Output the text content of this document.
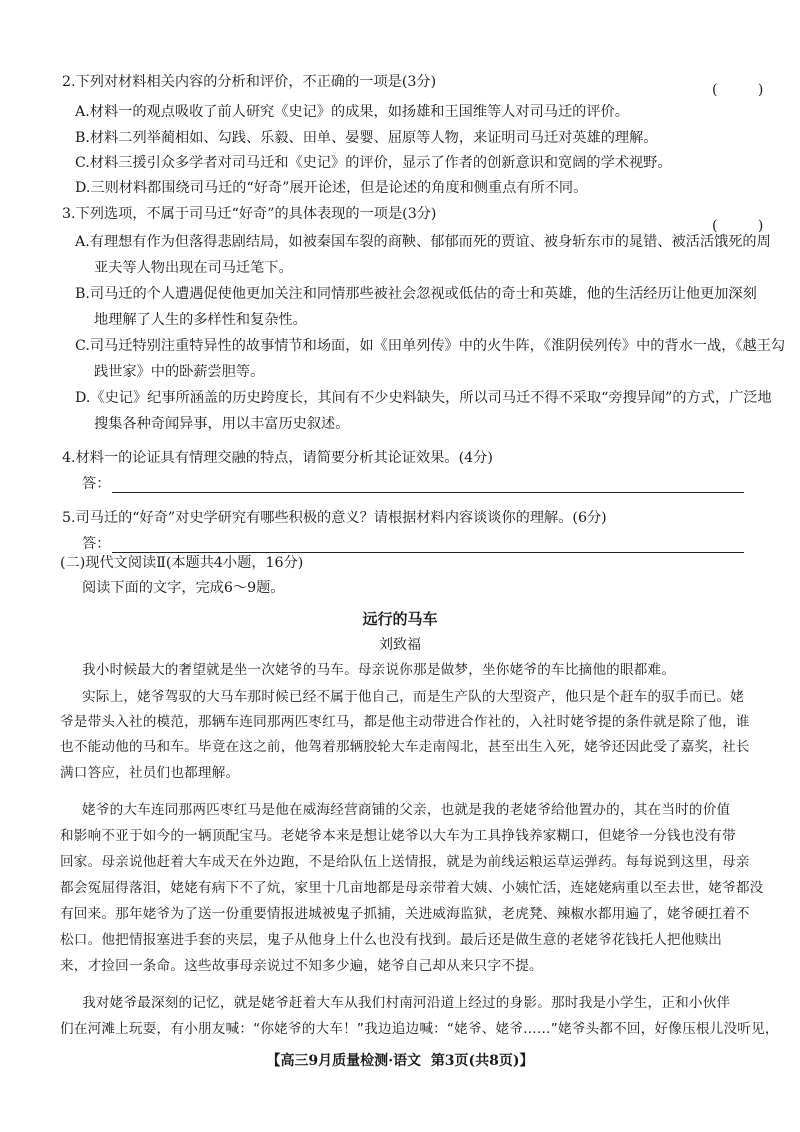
2.下列对材料相关内容的分析和评价，不正确的一项是(3分)	( )
A.材料一的观点吸收了前人研究《史记》的成果，如扬雄和王国维等人对司马迁的评价。
B.材料二列举蔺相如、勾践、乐毅、田单、晏婴、屈原等人物，来证明司马迁对英雄的理解。
C.材料三援引众多学者对司马迁和《史记》的评价，显示了作者的创新意识和宽阔的学术视野。
D.三则材料都围绕司马迁的“好奇”展开论述，但是论述的角度和侧重点有所不同。
3.下列选项，不属于司马迁“好奇”的具体表现的一项是(3分)
( )
A.有理想有作为但落得悲剧结局，如被秦国车裂的商鞅、郁郁而死的贾谊、被身斩东市的晁错、被活活饿死的周
亚夫等人物出现在司马迁笔下。
B.司马迁的个人遭遇促使他更加关注和同情那些被社会忽视或低估的奇士和英雄，他的生活经历让他更加深刻
地理解了人生的多样性和复杂性。
C.司马迁特别注重特异性的故事情节和场面，如《田单列传》中的火牛阵，《淮阴侯列传》中的背水一战，《越王勾
践世家》中的卧薪尝胆等。
D.《史记》纪事所涵盖的历史跨度长，其间有不少史料缺失，所以司马迁不得不采取“旁搜异闻”的方式，广泛地
搜集各种奇闻异事，用以丰富历史叙述。
4.材料一的论证具有情理交融的特点，请简要分析其论证效果。(4分)
答：
5.司马迁的“好奇”对史学研究有哪些积极的意义？请根据材料内容谈谈你的理解。(6分)
答：
(二)现代文阅读Ⅱ(本题共4小题，16分)
阅读下面的文字，完成6～9题。
远行的马车
刘致福
我小时候最大的奢望就是坐一次姥爷的马车。母亲说你那是做梦，坐你姥爷的车比摘他的眼都难。
实际上，姥爷驾驭的大马车那时候已经不属于他自己，而是生产队的大型资产，他只是个赶车的驭手而已。姥
爷是带头入社的模范，那辆车连同那两匹枣红马，都是他主动带进合作社的，入社时姥爷提的条件就是除了他，谁
也不能动他的马和车。毕竟在这之前，他驾着那辆胶轮大车走南闯北，甚至出生入死，姥爷还因此受了嘉奖，社长
满口答应，社员们也都理解。
姥爷的大车连同那两匹枣红马是他在威海经营商铺的父亲，也就是我的老姥爷给他置办的，其在当时的价值
和影响不亚于如今的一辆顶配宝马。老姥爷本来是想让姥爷以大车为工具挣钱养家糊口，但姥爷一分钱也没有带
回家。母亲说他赶着大车成天在外边跑，不是给队伍上送情报，就是为前线运粮运草运弹药。每每说到这里，母亲
都会冤屈得落泪，姥姥有病下不了炕，家里十几亩地都是母亲带着大姨、小姨忙活，连姥姥病重以至去世，姥爷都没
有回来。那年姥爷为了送一份重要情报进城被鬼子抓捕，关进威海监狱，老虎凳、辣椒水都用遍了，姥爷硬扛着不
松口。他把情报塞进手套的夹层，鬼子从他身上什么也没有找到。最后还是做生意的老姥爷花钱托人把他赎出
来，才捡回一条命。这些故事母亲说过不知多少遍，姥爷自己却从来只字不提。
我对姥爷最深刻的记忆，就是姥爷赶着大车从我们村南河沿道上经过的身影。那时我是小学生，正和小伙伴
们在河滩上玩耍，有小朋友喊：“你姥爷的大车！”我边追边喊：“姥爷、姥爷……”姥爷头都不回，好像压根儿没听见，
【高三9月质量检测·语文 第3页(共8页)】
